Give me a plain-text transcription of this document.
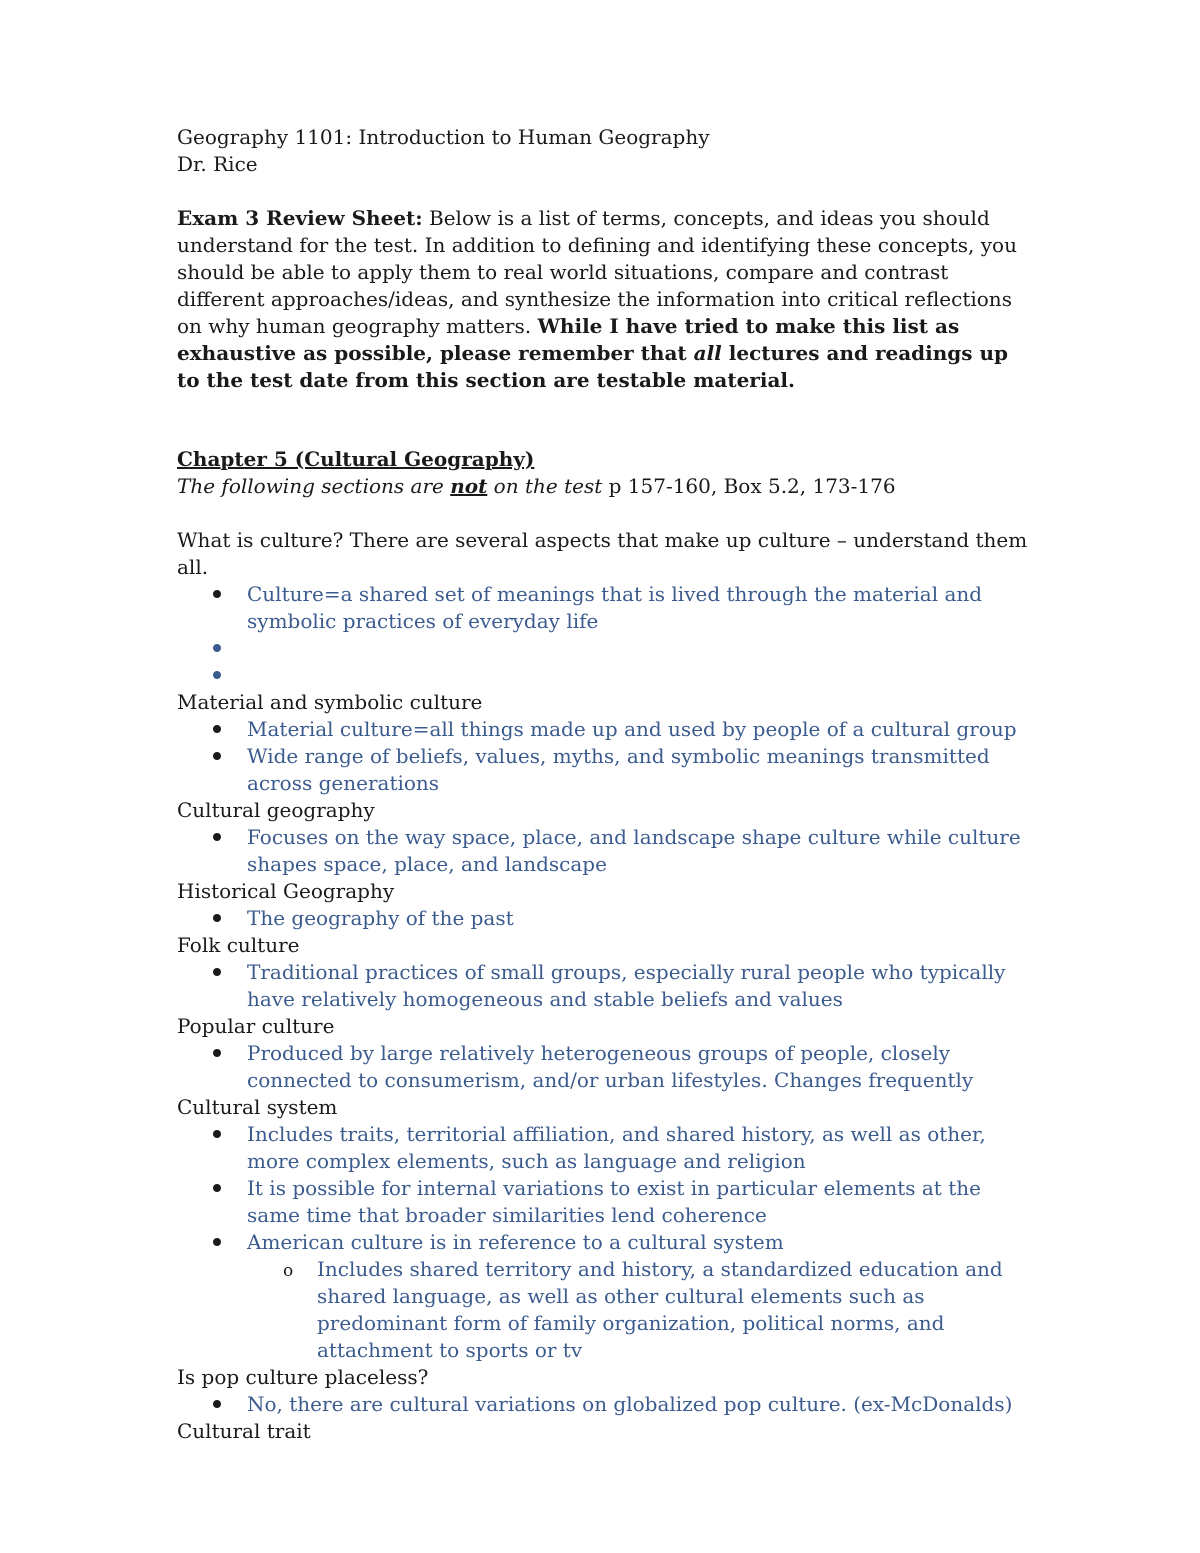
Geography 1101: Introduction to Human Geography

Dr. Rice

Exam 3 Review Sheet: Below is a list of terms, concepts, and ideas you should understand for the test. In addition to defining and identifying these concepts, you should be able to apply them to real world situations, compare and contrast different approaches/ideas, and synthesize the information into critical reflections on why human geography matters. While I have tried to make this list as exhaustive as possible, please remember that all lectures and readings up to the test date from this section are testable material.

Chapter 5 (Cultural Geography)

The following sections are not on the test p 157-160, Box 5.2, 173-176

What is culture? There are several aspects that make up culture – understand them all.

Culture=a shared set of meanings that is lived through the material and symbolic practices of everyday life

Material and symbolic culture

Material culture=all things made up and used by people of a cultural group
Wide range of beliefs, values, myths, and symbolic meanings transmitted across generations

Cultural geography

Focuses on the way space, place, and landscape shape culture while culture shapes space, place, and landscape

Historical Geography

The geography of the past

Folk culture

Traditional practices of small groups, especially rural people who typically have relatively homogeneous and stable beliefs and values

Popular culture

Produced by large relatively heterogeneous groups of people, closely connected to consumerism, and/or urban lifestyles. Changes frequently

Cultural system

Includes traits, territorial affiliation, and shared history, as well as other, more complex elements, such as language and religion
It is possible for internal variations to exist in particular elements at the same time that broader similarities lend coherence
American culture is in reference to a cultural system
o Includes shared territory and history, a standardized education and shared language, as well as other cultural elements such as predominant form of family organization, political norms, and attachment to sports or tv

Is pop culture placeless?

No, there are cultural variations on globalized pop culture. (ex-McDonalds)

Cultural trait
